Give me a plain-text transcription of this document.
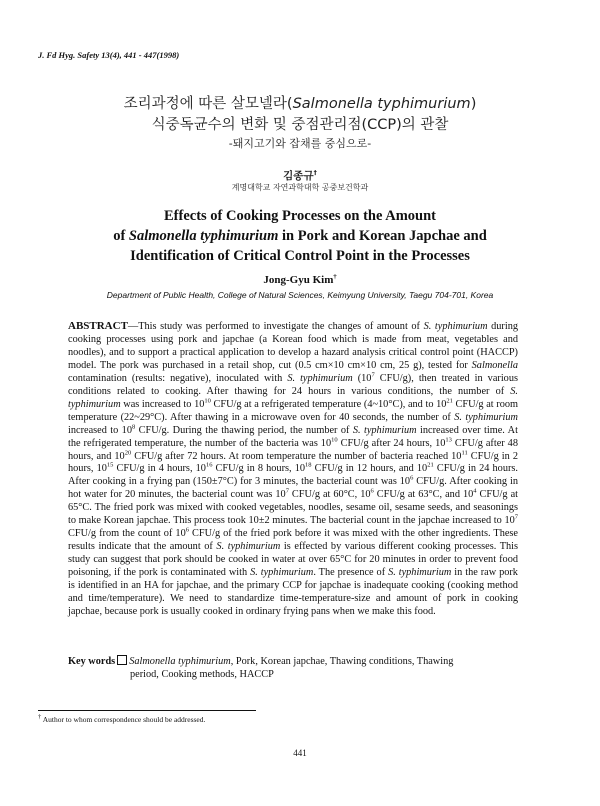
J. Fd Hyg. Safety 13(4), 441 - 447(1998)
조리과정에 따른 살모넬라(Salmonella typhimurium)
식중독균수의 변화 및 중점관리점(CCP)의 관찰
-돼지고기와 잡채를 중심으로-
김종규†
계명대학교 자연과학대학 공중보건학과
Effects of Cooking Processes on the Amount
of Salmonella typhimurium in Pork and Korean Japchae and
Identification of Critical Control Point in the Processes
Jong-Gyu Kim†
Department of Public Health, College of Natural Sciences, Keimyung University, Taegu 704-701, Korea
ABSTRACT—This study was performed to investigate the changes of amount of S. typhimurium during cooking processes using pork and japchae (a Korean food which is made from meat, vegetables and noodles), and to support a practical application to develop a hazard analysis critical control point (HACCP) model. The pork was purchased in a retail shop, cut (0.5 cm×10 cm×10 cm, 25 g), tested for Salmonella contamination (results: negative), inoculated with S. typhimurium ($10^7$ CFU/g), then treated in various conditions related to cooking. After thawing for 24 hours in various conditions, the number of S. typhimurium was increased to $10^{10}$ CFU/g at a refrigerated temperature (4~10°C), and to $10^{21}$ CFU/g at room temperature (22~29°C). After thawing in a microwave oven for 40 seconds, the number of S. typhimurium increased to $10^8$ CFU/g. During the thawing period, the number of S. typhimurium increased over time. At the refrigerated temperature, the number of the bacteria was $10^{10}$ CFU/g after 24 hours, $10^{13}$ CFU/g after 48 hours, and $10^{20}$ CFU/g after 72 hours. At room temperature the number of bacteria reached $10^{11}$ CFU/g in 2 hours, $10^{15}$ CFU/g in 4 hours, $10^{16}$ CFU/g in 8 hours, $10^{18}$ CFU/g in 12 hours, and $10^{21}$ CFU/g in 24 hours. After cooking in a frying pan (150±7°C) for 3 minutes, the bacterial count was $10^6$ CFU/g. After cooking in hot water for 20 minutes, the bacterial count was $10^7$ CFU/g at 60°C, $10^6$ CFU/g at 63°C, and $10^4$ CFU/g at 65°C. The fried pork was mixed with cooked vegetables, noodles, sesame oil, sesame seeds, and seasonings to make Korean japchae. This process took 10±2 minutes. The bacterial count in the japchae increased to $10^7$ CFU/g from the count of $10^6$ CFU/g of the fried pork before it was mixed with the other ingredients. These results indicate that the amount of S. typhimurium is effected by various different cooking processes. This study can suggest that pork should be cooked in water at over 65°C for 20 minutes in order to prevent food poisoning, if the pork is contaminated with S. typhimurium. The presence of S. typhimurium in the raw pork is identified in an HA for japchae, and the primary CCP for japchae is inadequate cooking (cooking method and time/temperature). We need to standardize time-temperature-size and amount of pork in cooking japchae, because pork is usually cooked in ordinary frying pans when we make this food.
Key words Salmonella typhimurium, Pork, Korean japchae, Thawing conditions, Thawing
period, Cooking methods, HACCP
† Author to whom correspondence should be addressed.
441
